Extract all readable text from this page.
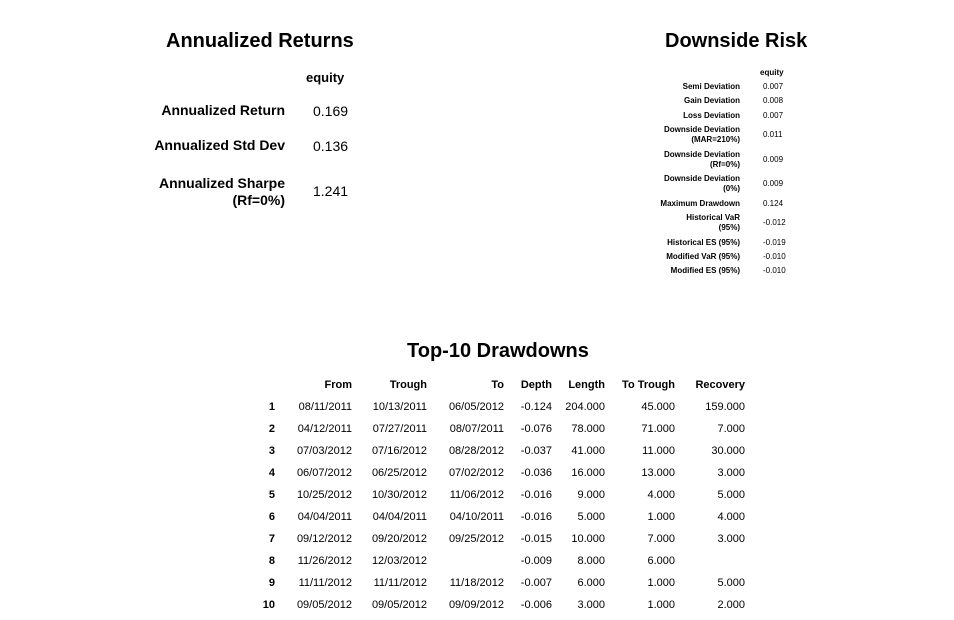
Annualized Returns
equity
Annualized Return 0.169
Annualized Std Dev 0.136
Annualized Sharpe
(Rf=0%)
1.241
Downside Risk
equity
Semi Deviation	0.007
Gain Deviation	0.008
Loss Deviation	0.007
Downside Deviation
(MAR=210%)
0.011
Downside Deviation
(Rf=0%)
0.009
Downside Deviation
(0%)
0.009
Maximum Drawdown	0.124
Historical VaR
(95%)
-0.012
Historical ES (95%)	-0.019
Modified VaR (95%)	-0.010
Modified ES (95%)	-0.010
Top-10 Drawdowns
	From	Trough	To	Depth	Length	To Trough	Recovery
1	08/11/2011	10/13/2011	06/05/2012	-0.124	204.000	45.000	159.000
2	04/12/2011	07/27/2011	08/07/2011	-0.076	78.000	71.000	7.000
3	07/03/2012	07/16/2012	08/28/2012	-0.037	41.000	11.000	30.000
4	06/07/2012	06/25/2012	07/02/2012	-0.036	16.000	13.000	3.000
5	10/25/2012	10/30/2012	11/06/2012	-0.016	9.000	4.000	5.000
6	04/04/2011	04/04/2011	04/10/2011	-0.016	5.000	1.000	4.000
7	09/12/2012	09/20/2012	09/25/2012	-0.015	10.000	7.000	3.000
8	11/26/2012	12/03/2012		-0.009	8.000	6.000	
9	11/11/2012	11/11/2012	11/18/2012	-0.007	6.000	1.000	5.000
10	09/05/2012	09/05/2012	09/09/2012	-0.006	3.000	1.000	2.000
